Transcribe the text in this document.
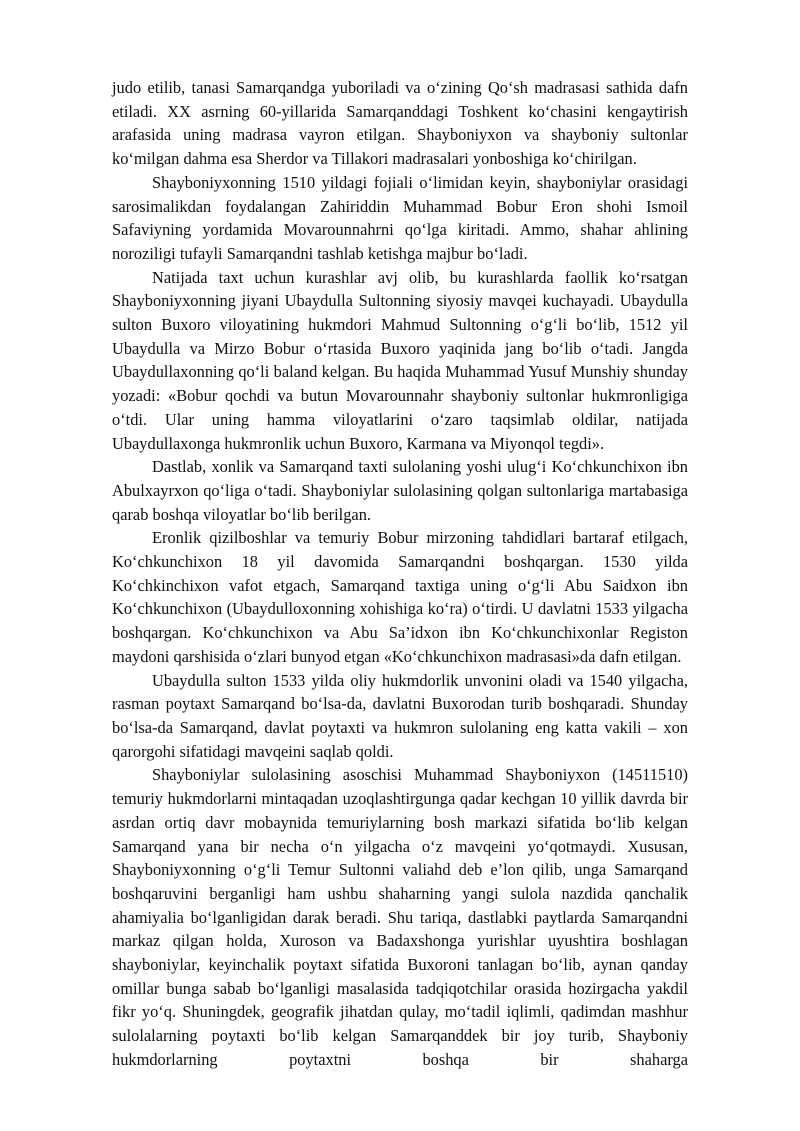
judo etilib, tanasi Samarqandga yuboriladi va o‘zining Qo‘sh madrasasi sathida dafn etiladi. XX asrning 60-yillarida Samarqanddagi Toshkent ko‘chasini kengaytirish arafasida uning madrasa vayron etilgan. Shayboniyxon va shayboniy sultonlar ko‘milgan dahma esa Sherdor va Tillakori madrasalari yonboshiga ko‘chirilgan.

Shayboniyxonning 1510 yildagi fojiali o‘limidan keyin, shayboniylar orasidagi sarosimalikdan foydalangan Zahiriddin Muhammad Bobur Eron shohi Ismoil Safaviyning yordamida Movarounnahrni qo‘lga kiritadi. Ammo, shahar ahlining noroziligi tufayli Samarqandni tashlab ketishga majbur bo‘ladi.

Natijada taxt uchun kurashlar avj olib, bu kurashlarda faollik ko‘rsatgan Shayboniyxonning jiyani Ubaydulla Sultonning siyosiy mavqei kuchayadi. Ubaydulla sulton Buxoro viloyatining hukmdori Mahmud Sultonning o‘g‘li bo‘lib, 1512 yil Ubaydulla va Mirzo Bobur o‘rtasida Buxoro yaqinida jang bo‘lib o‘tadi. Jangda Ubaydullaxonning qo‘li baland kelgan. Bu haqida Muhammad Yusuf Munshiy shunday yozadi: «Bobur qochdi va butun Movarounnahr shayboniy sultonlar hukmronligiga o‘tdi. Ular uning hamma viloyatlarini o‘zaro taqsimlab oldilar, natijada Ubaydullaxonga hukmronlik uchun Buxoro, Karmana va Miyonqol tegdi».

Dastlab, xonlik va Samarqand taxti sulolaning yoshi ulug‘i Ko‘chkunchixon ibn Abulxayrxon qo‘liga o‘tadi. Shayboniylar sulolasining qolgan sultonlariga martabasiga qarab boshqa viloyatlar bo‘lib berilgan.

Eronlik qizilboshlar va temuriy Bobur mirzoning tahdidlari bartaraf etilgach, Ko‘chkunchixon 18 yil davomida Samarqandni boshqargan. 1530 yilda Ko‘chkinchixon vafot etgach, Samarqand taxtiga uning o‘g‘li Abu Saidxon ibn Ko‘chkunchixon (Ubaydulloxonning xohishiga ko‘ra) o‘tirdi. U davlatni 1533 yilgacha boshqargan. Ko‘chkunchixon va Abu Sa’idxon ibn Ko‘chkunchixonlar Registon maydoni qarshisida o‘zlari bunyod etgan «Ko‘chkunchixon madrasasi»da dafn etilgan.

Ubaydulla sulton 1533 yilda oliy hukmdorlik unvonini oladi va 1540 yilgacha, rasman poytaxt Samarqand bo‘lsa-da, davlatni Buxorodan turib boshqaradi. Shunday bo‘lsa-da Samarqand, davlat poytaxti va hukmron sulolaning eng katta vakili – xon qarorgohi sifatidagi mavqeini saqlab qoldi.

Shayboniylar sulolasining asoschisi Muhammad Shayboniyxon (14511510) temuriy hukmdorlarni mintaqadan uzoqlashtirgunga qadar kechgan 10 yillik davrda bir asrdan ortiq davr mobaynida temuriylarning bosh markazi sifatida bo‘lib kelgan Samarqand yana bir necha o‘n yilgacha o‘z mavqeini yo‘qotmaydi. Xususan, Shayboniyxonning o‘g‘li Temur Sultonni valiahd deb e’lon qilib, unga Samarqand boshqaruvini berganligi ham ushbu shaharning yangi sulola nazdida qanchalik ahamiyalia bo‘lganligidan darak beradi. Shu tariqa, dastlabki paytlarda Samarqandni markaz qilgan holda, Xuroson va Badaxshonga yurishlar uyushtira boshlagan shayboniylar, keyinchalik poytaxt sifatida Buxoroni tanlagan bo‘lib, aynan qanday omillar bunga sabab bo‘lganligi masalasida tadqiqotchilar orasida hozirgacha yakdil fikr yo‘q. Shuningdek, geografik jihatdan qulay, mo‘tadil iqlimli, qadimdan mashhur sulolalarning poytaxti bo‘lib kelgan Samarqanddek bir joy turib, Shayboniy hukmdorlarning poytaxtni boshqa bir shaharga
